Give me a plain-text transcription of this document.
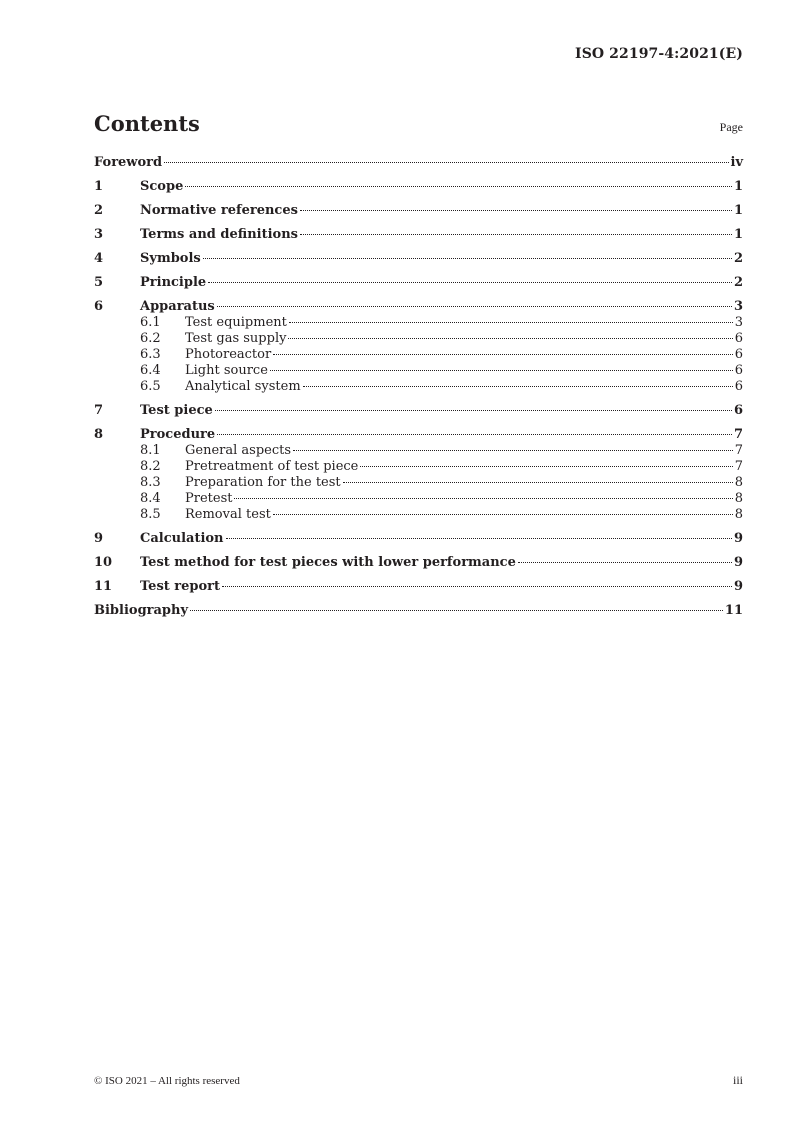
ISO 22197-4:2021(E)
Contents	Page
Foreword	iv
1	Scope	1
2	Normative references	1
3	Terms and definitions	1
4	Symbols	2
5	Principle	2
6	Apparatus	3
6.1	Test equipment	3
6.2	Test gas supply	6
6.3	Photoreactor	6
6.4	Light source	6
6.5	Analytical system	6
7	Test piece	6
8	Procedure	7
8.1	General aspects	7
8.2	Pretreatment of test piece	7
8.3	Preparation for the test	8
8.4	Pretest	8
8.5	Removal test	8
9	Calculation	9
10	Test method for test pieces with lower performance	9
11	Test report	9
Bibliography	11
© ISO 2021 – All rights reserved	iii
